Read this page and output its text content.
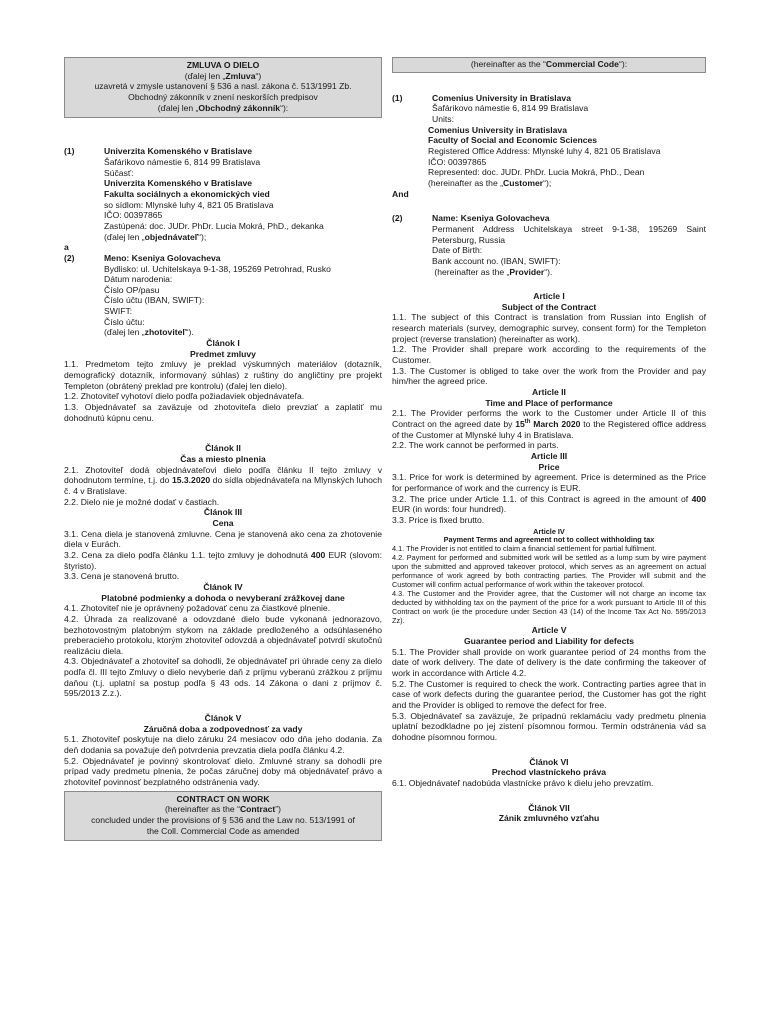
ZMLUVA O DIELO
(ďalej len „Zmluva“)
uzavretá v zmysle ustanovení § 536 a nasl. zákona č. 513/1991 Zb.
Obchodný zákonník v znení neskorších predpisov
(ďalej len „Obchodný zákonník“):
(1)	Univerzita Komenského v Bratislave
Šafárikovo námestie 6, 814 99 Bratislava
Súčasť:
Univerzita Komenského v Bratislave
Fakulta sociálnych a ekonomických vied
so sídlom: Mlynské luhy 4, 821 05 Bratislava
IČO: 00397865
Zastúpená: doc. JUDr. PhDr. Lucia Mokrá, PhD., dekanka
(ďalej len „objednávateľ“);
a
(2)	Meno: Kseniya Golovacheva
Bydlisko: ul. Uchitelskaya 9-1-38, 195269 Petrohrad, Rusko
Dátum narodenia:
Číslo OP/pasu
Číslo účtu (IBAN, SWIFT):
SWIFT:
Číslo účtu:
(ďalej len „zhotoviteľ“).
Článok I
Predmet zmluvy
1.1. Predmetom tejto zmluvy je preklad výskumných materiálov (dotazník, demografický dotazník, informovaný súhlas) z ruštiny do angličtiny pre projekt Templeton (obrátený preklad pre kontrolu) (ďalej len dielo).
1.2. Zhotoviteľ vyhotoví dielo podľa požiadaviek objednávateľa.
1.3. Objednávateľ sa zaväzuje od zhotoviteľa dielo prevziať a zaplatiť mu dohodnutú kúpnu cenu.
Článok II
Čas a miesto plnenia
2.1. Zhotoviteľ dodá objednávateľovi dielo podľa článku II tejto zmluvy v dohodnutom termíne, t.j. do 15.3.2020 do sídla objednávateľa na Mlynských luhoch č. 4 v Bratislave.
2.2. Dielo nie je možné dodať v častiach.
Článok III
Cena
3.1. Cena diela je stanovená zmluvne. Cena je stanovená ako cena za zhotovenie diela v Eurách.
3.2. Cena za dielo podľa článku 1.1. tejto zmluvy je dohodnutá 400 EUR (slovom: štyristo).
3.3. Cena je stanovená brutto.
Článok IV
Platobné podmienky a dohoda o nevyberaní zrážkovej dane
4.1. Zhotoviteľ nie je oprávnený požadovať cenu za čiastkové plnenie.
4.2. Úhrada za realizované a odovzdané dielo bude vykonaná jednorazovo, bezhotovostným platobným stykom na základe predloženého a odsúhlaseného preberacieho protokolu, ktorým zhotoviteľ odovzdá a objednávateľ potvrdí skutočnú realizáciu diela.
4.3. Objednávateľ a zhotoviteľ sa dohodli, že objednávateľ pri úhrade ceny za dielo podľa čl. III tejto Zmluvy o dielo nevyberie daň z príjmu vyberanú zrážkou z príjmu daňou (t.j. uplatní sa postup podľa § 43 ods. 14 Zákona o dani z príjmov č. 595/2013 Z.z.).
Článok V
Záručná doba a zodpovednosť za vady
5.1. Zhotoviteľ poskytuje na dielo záruku 24 mesiacov odo dňa jeho dodania. Za deň dodania sa považuje deň potvrdenia prevzatia diela podľa článku 4.2.
5.2. Objednávateľ je povinný skontrolovať dielo. Zmluvné strany sa dohodli pre prípad vady predmetu plnenia, že počas záručnej doby má objednávateľ právo a zhotoviteľ povinnosť bezplatného odstránenia vady.
CONTRACT ON WORK
(hereinafter as the “Contract”)
concluded under the provisions of § 536 and the Law no. 513/1991 of
the Coll. Commercial Code as amended
(hereinafter as the “Commercial Code“):
(1)	Comenius University in Bratislava
Šafárikovo námestie 6, 814 99 Bratislava
Units:
Comenius University in Bratislava
Faculty of Social and Economic Sciences
Registered Office Address: Mlynské luhy 4, 821 05 Bratislava
IČO: 00397865
Represented: doc. JUDr. PhDr. Lucia Mokrá, PhD., Dean
(hereinafter as the „Customer“);
And
(2)	Name: Kseniya Golovacheva
Permanent Address Uchitelskaya street 9-1-38, 195269 Saint Petersburg, Russia
Date of Birth:
Bank account no. (IBAN, SWIFT):
(hereinafter as the „Provider“).
Article I
Subject of the Contract
1.1. The subject of this Contract is translation from Russian into English of research materials (survey, demographic survey, consent form) for the Templeton project (reverse translation) (hereinafter as work).
1.2. The Provider shall prepare work according to the requirements of the Customer.
1.3. The Customer is obliged to take over the work from the Provider and pay him/her the agreed price.
Article II
Time and Place of performance
2.1. The Provider performs the work to the Customer under Article II of this Contract on the agreed date by 15th March 2020 to the Registered office address of the Customer at Mlynské luhy 4 in Bratislava.
2.2. The work cannot be performed in parts.
Article III
Price
3.1. Price for work is determined by agreement. Price is determined as the Price for performance of work and the currency is EUR.
3.2. The price under Article 1.1. of this Contract is agreed in the amount of 400 EUR (in words: four hundred).
3.3. Price is fixed brutto.
Article IV
Payment Terms and agreement not to collect withholding tax
4.1. The Provider is not entitled to claim a financial settlement for partial fulfilment.
4.2. Payment for performed and submitted work will be settled as a lump sum by wire payment upon the submitted and approved takeover protocol, which serves as an agreement on actual performance of work agreed by both contracting parties. The Provider will submit and the Customer will confirm actual performance of work within the takeover protocol.
4.3. The Customer and the Provider agree, that the Customer will not charge an income tax deducted by withholding tax on the payment of the price for a work pursuant to Article III of this Contract on work (ie the procedure under Section 43 (14) of the Income Tax Act No. 595/2013 Zz).
Article V
Guarantee period and Liability for defects
5.1. The Provider shall provide on work guarantee period of 24 months from the date of work delivery. The date of delivery is the date confirming the takeover of work in accordance with Article 4.2.
5.2. The Customer is required to check the work. Contracting parties agree that in case of work defects during the guarantee period, the Customer has got the right and the Provider is obliged to remove the defect for free.
5.3. Objednávateľ sa zaväzuje, že prípadnú reklamáciu vady predmetu plnenia uplatní bezodkladne po jej zistení písomnou formou. Termín odstránenia vád sa dohodne písomnou formou.
Článok VI
Prechod vlastníckeho práva
6.1. Objednávateľ nadobúda vlastnícke právo k dielu jeho prevzatím.
Článok VII
Zánik zmluvného vzťahu
